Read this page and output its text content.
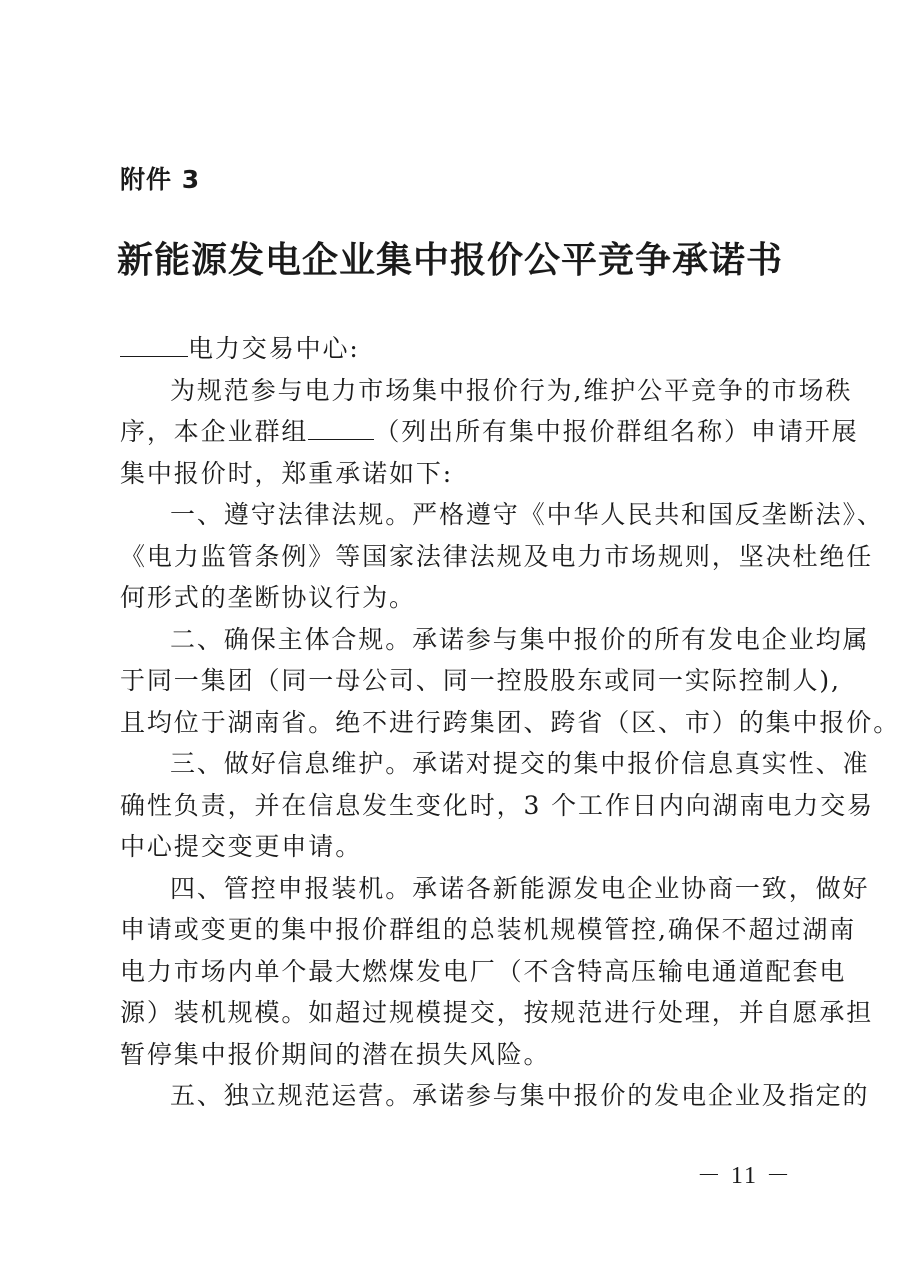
附件 3
新能源发电企业集中报价公平竞争承诺书

电力交易中心:

为规范参与电力市场集中报价行为,维护公平竞争的市场秩

序，本企业群组	（列出所有集中报价群组名称）申请开展

集中报价时，郑重承诺如下:

一、遵守法律法规。严格遵守《中华人民共和国反垄断法》、

《电力监管条例》等国家法律法规及电力市场规则，坚决杜绝任

何形式的垄断协议行为。

二、确保主体合规。承诺参与集中报价的所有发电企业均属

于同一集团（同一母公司、同一控股股东或同一实际控制人),

且均位于湖南省。绝不进行跨集团、跨省（区、市）的集中报价。

三、做好信息维护。承诺对提交的集中报价信息真实性、准

确性负责，并在信息发生变化时，3 个工作日内向湖南电力交易

中心提交变更申请。

四、管控申报装机。承诺各新能源发电企业协商一致，做好

申请或变更的集中报价群组的总装机规模管控,确保不超过湖南

电力市场内单个最大燃煤发电厂（不含特高压输电通道配套电

源）装机规模。如超过规模提交，按规范进行处理，并自愿承担

暂停集中报价期间的潜在损失风险。

五、独立规范运营。承诺参与集中报价的发电企业及指定的

－ 11 －
